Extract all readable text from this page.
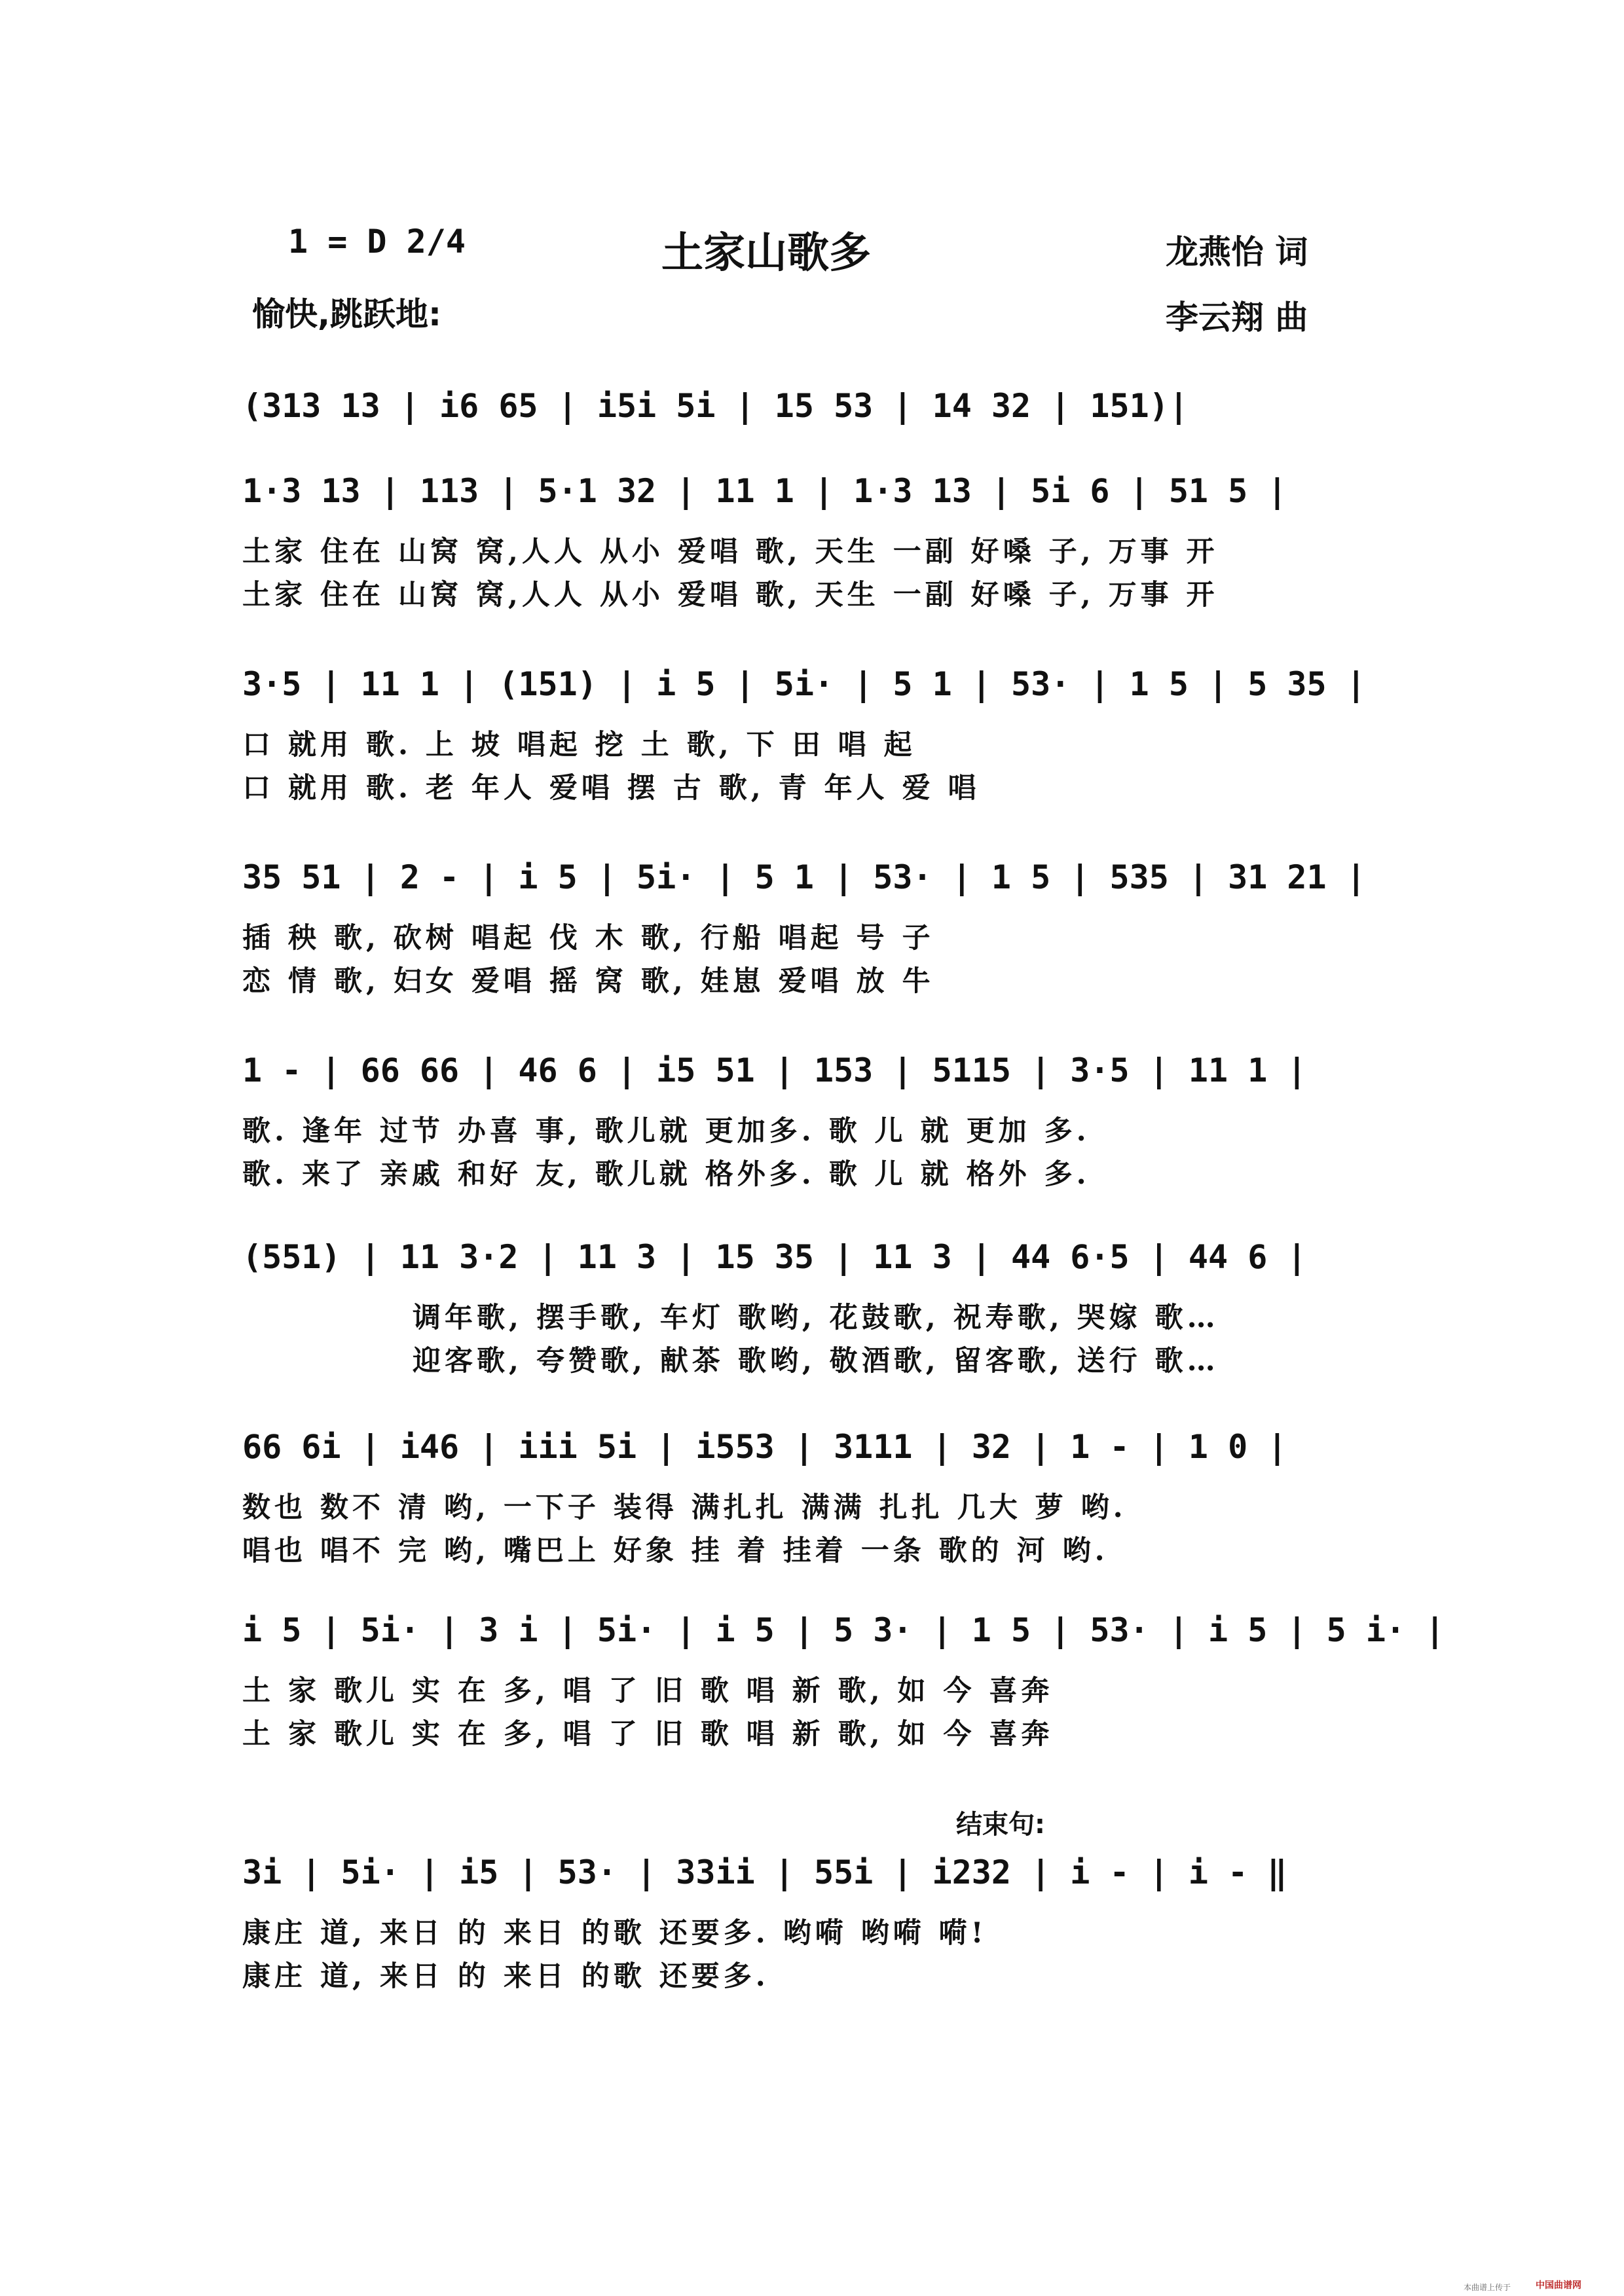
1 = D 2/4
愉快,跳跃地:
土家山歌多	龙燕怡 词
李云翔 曲
(313 13 | i6 65 | i5i 5i | 15 53 | 14 32 | 151)|
1·3 13 | 113 | 5·1 32 | 11 1 | 1·3 13 | 5i 6 | 51 5 |
土家 住在 山窝 窝,人人 从小 爱唱 歌, 天生 一副 好嗓 子, 万事 开
土家 住在 山窝 窝,人人 从小 爱唱 歌, 天生 一副 好嗓 子, 万事 开
3·5 | 11 1 | (151) | i 5 | 5i· | 5 1 | 53· | 1 5 | 5 35 |
口 就用 歌. 上 坡 唱起 挖 土 歌, 下 田 唱 起
口 就用 歌. 老 年人 爱唱 摆 古 歌, 青 年人 爱 唱
35 51 | 2 - | i 5 | 5i· | 5 1 | 53· | 1 5 | 535 | 31 21 |
插 秧 歌, 砍树 唱起 伐 木 歌, 行船 唱起 号 子
恋 情 歌, 妇女 爱唱 摇 窝 歌, 娃崽 爱唱 放 牛
1 - | 66 66 | 46 6 | i5 51 | 153 | 5115 | 3·5 | 11 1 |
歌. 逢年 过节 办喜 事, 歌儿就 更加多. 歌 儿 就 更加 多.
歌. 来了 亲戚 和好 友, 歌儿就 格外多. 歌 儿 就 格外 多.
(551) | 11 3·2 | 11 3 | 15 35 | 11 3 | 44 6·5 | 44 6 |
调年歌, 摆手歌, 车灯 歌哟, 花鼓歌, 祝寿歌, 哭嫁 歌…
迎客歌, 夸赞歌, 献茶 歌哟, 敬酒歌, 留客歌, 送行 歌…
66 6i | i46 | iii 5i | i553 | 3111 | 32 | 1 - | 1 0 |
数也 数不 清 哟, 一下子 装得 满扎扎 满满 扎扎 几大 萝 哟.
唱也 唱不 完 哟, 嘴巴上 好象 挂 着 挂着 一条 歌的 河 哟.
i 5 | 5i· | 3 i | 5i· | i 5 | 5 3· | 1 5 | 53· | i 5 | 5 i· |
土 家 歌儿 实 在 多, 唱 了 旧 歌 唱 新 歌, 如 今 喜奔
土 家 歌儿 实 在 多, 唱 了 旧 歌 唱 新 歌, 如 今 喜奔
结束句:
3i | 5i· | i5 | 53· | 33ii | 55i | i232 | i - | i - ‖
康庄 道, 来日 的 来日 的歌 还要多. 哟嗬 哟嗬 嗬!
康庄 道, 来日 的 来日 的歌 还要多.
本曲谱上传于	中国曲谱网
